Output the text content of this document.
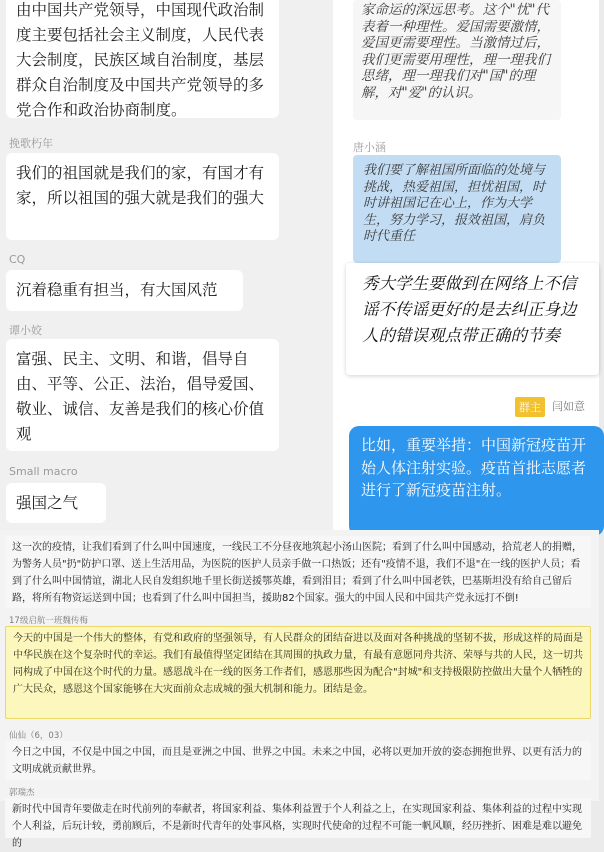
由中国共产党领导，中国现代政治制度主要包括社会主义制度，人民代表大会制度，民族区域自治制度，基层群众自治制度及中国共产党领导的多党合作和政治协商制度。
挽歌朽年
我们的祖国就是我们的家，有国才有家，所以祖国的强大就是我们的强大
CQ
沉着稳重有担当，有大国风范
谭小姣
富强、民主、文明、和谐，倡导自由、平等、公正、法治，倡导爱国、敬业、诚信、友善是我们的核心价值观
Small macro
强国之气
家命运的深远思考。这个"忧"代表着一种理性。爱国需要激情，爱国更需要理性。当激情过后，我们更需要用理性，理一理我们思绪，理一理我们对"国"的理解，对"爱"的认识。
唐小涵
我们要了解祖国所面临的处境与挑战，热爱祖国，担忧祖国，时时讲祖国记在心上，作为大学生，努力学习，报效祖国，肩负时代重任
秀大学生要做到在网络上不信谣不传谣更好的是去纠正身边人的错误观点带正确的节奏
群主	闫如意
比如，重要举措：中国新冠疫苗开始人体注射实验。疫苗首批志愿者进行了新冠疫苗注射。
这一次的疫情，让我们看到了什么叫中国速度，一线民工不分昼夜地筑起小汤山医院；看到了什么叫中国感动，拾荒老人的捐赠，为警务人员"扔"防护口罩、送上生活用品，为医院的医护人员亲手做一口热饭；还有"疫情不退，我们不退"在一线的医护人员；看到了什么叫中国情谊，湖北人民自发组织地千里长街送援鄂英雄，看到泪目；看到了什么叫中国老铁，巴基斯坦没有给自己留后路，将所有物资运送到中国；也看到了什么叫中国担当，援助82个国家。强大的中国人民和中国共产党永远打不倒!
17级启航一班魏传梅
今天的中国是一个伟大的整体，有党和政府的坚强领导，有人民群众的团结奋进以及面对各种挑战的坚韧不拔，形成这样的局面是中华民族在这个复杂时代的幸运。我们有最值得坚定团结在其周围的执政力量，有最有意愿同舟共济、荣辱与共的人民，这一切共同构成了中国在这个时代的力量。感恩战斗在一线的医务工作者们，感恩那些因为配合"封城"和支持极限防控做出大量个人牺牲的广大民众，感恩这个国家能够在大灾面前众志成城的强大机制和能力。团结是金。
仙仙（6，03）
今日之中国，不仅是中国之中国，而且是亚洲之中国、世界之中国。未来之中国，必将以更加开放的姿态拥抱世界、以更有活力的文明成就贡献世界。
郭瑞杰
新时代中国青年要做走在时代前列的奉献者，将国家利益、集体利益置于个人利益之上，在实现国家利益、集体利益的过程中实现个人利益，后玩计较，勇前顾后，不是新时代青年的处事风格，实现时代使命的过程不可能一帆风顺，经历挫折、困难是难以避免的
